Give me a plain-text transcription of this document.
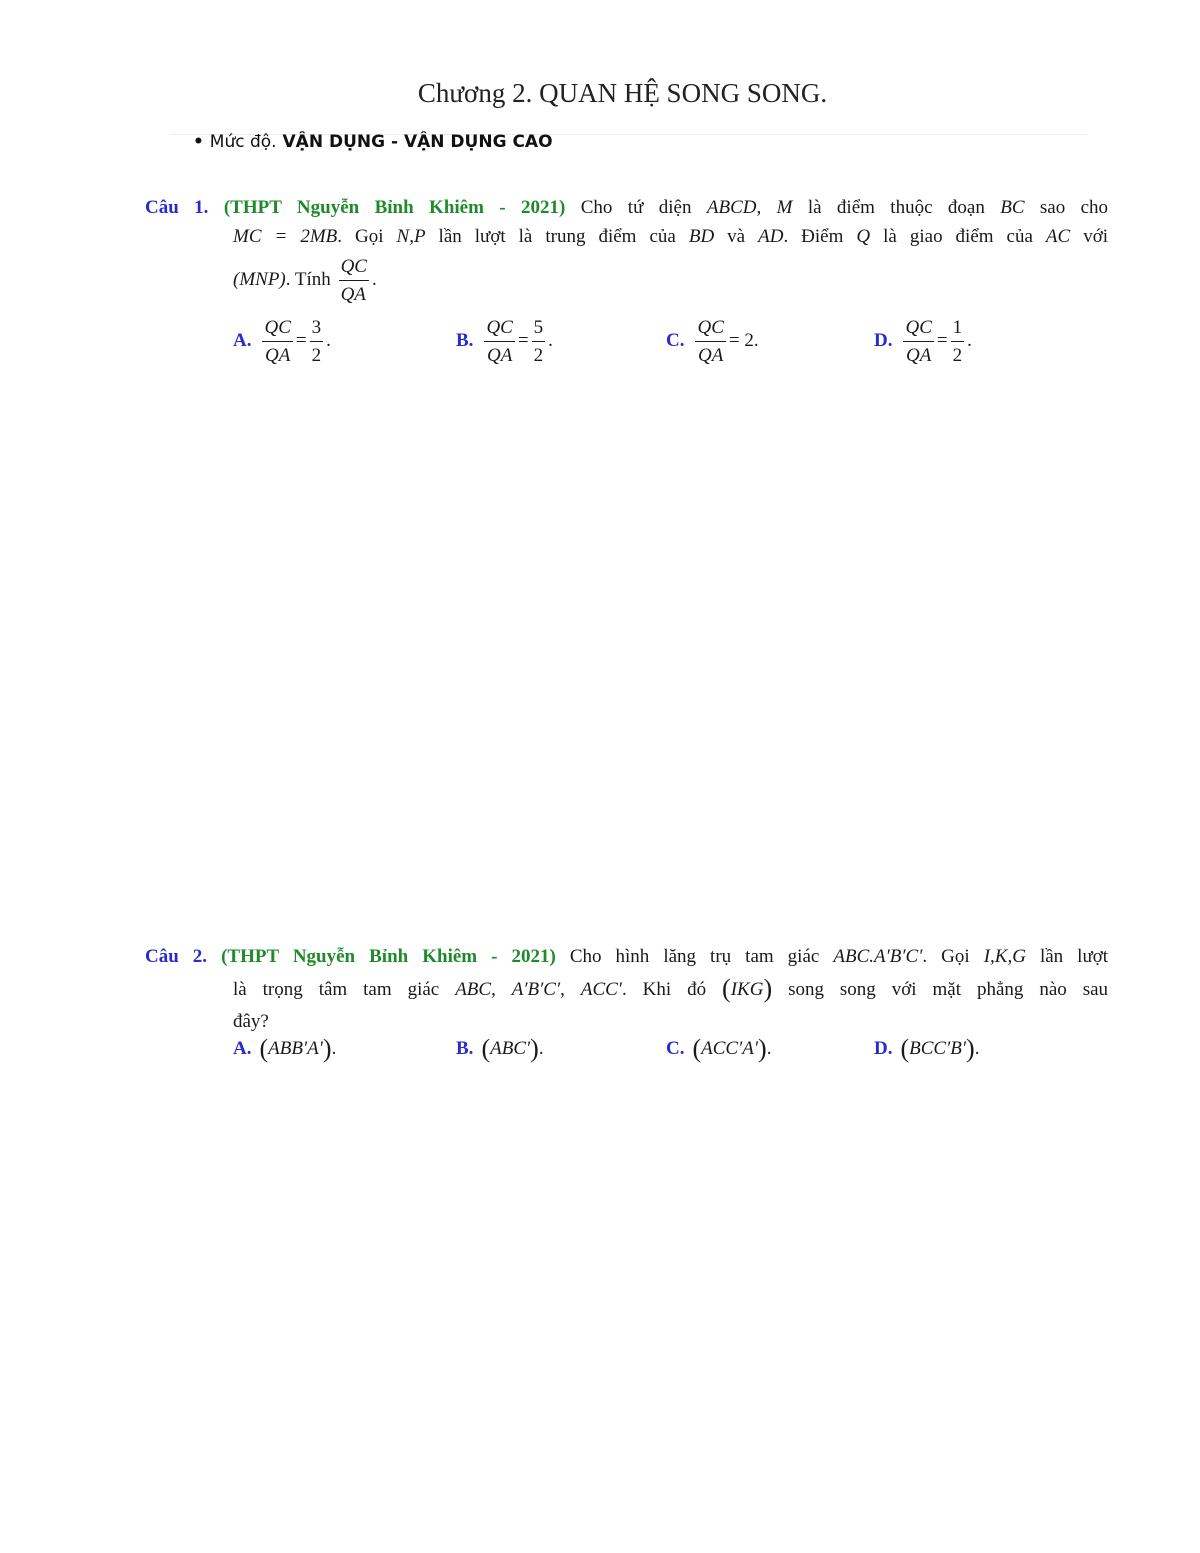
Chương 2. QUAN HỆ SONG SONG.
• Mức độ. VẬN DỤNG - VẬN DỤNG CAO
Câu 1. (THPT Nguyễn Bỉnh Khiêm - 2021) Cho tứ diện ABCD, M là điểm thuộc đoạn BC sao cho
MC = 2MB. Gọi N,P lần lượt là trung điểm của BD và AD. Điểm Q là giao điểm của AC với
(MNP). Tính $\frac{QC}{QA}$ .
A. $\frac{QC}{QA} = \frac{3}{2}$ .	B. $\frac{QC}{QA} = \frac{5}{2}$ .	C. $\frac{QC}{QA} = 2$ .	D. $\frac{QC}{QA} = \frac{1}{2}$ .
Câu 2. (THPT Nguyễn Bỉnh Khiêm - 2021) Cho hình lăng trụ tam giác ABC.A′B′C′. Gọi I,K,G lần lượt
là trọng tâm tam giác ABC, A′B′C′, ACC′. Khi đó (IKG) song song với mặt phẳng nào sau
đây?
A. ( ABB′A′ ) .	B. ( ABC′ ) .	C. ( ACC′A′ ) .	D. ( BCC′B′ ) .
